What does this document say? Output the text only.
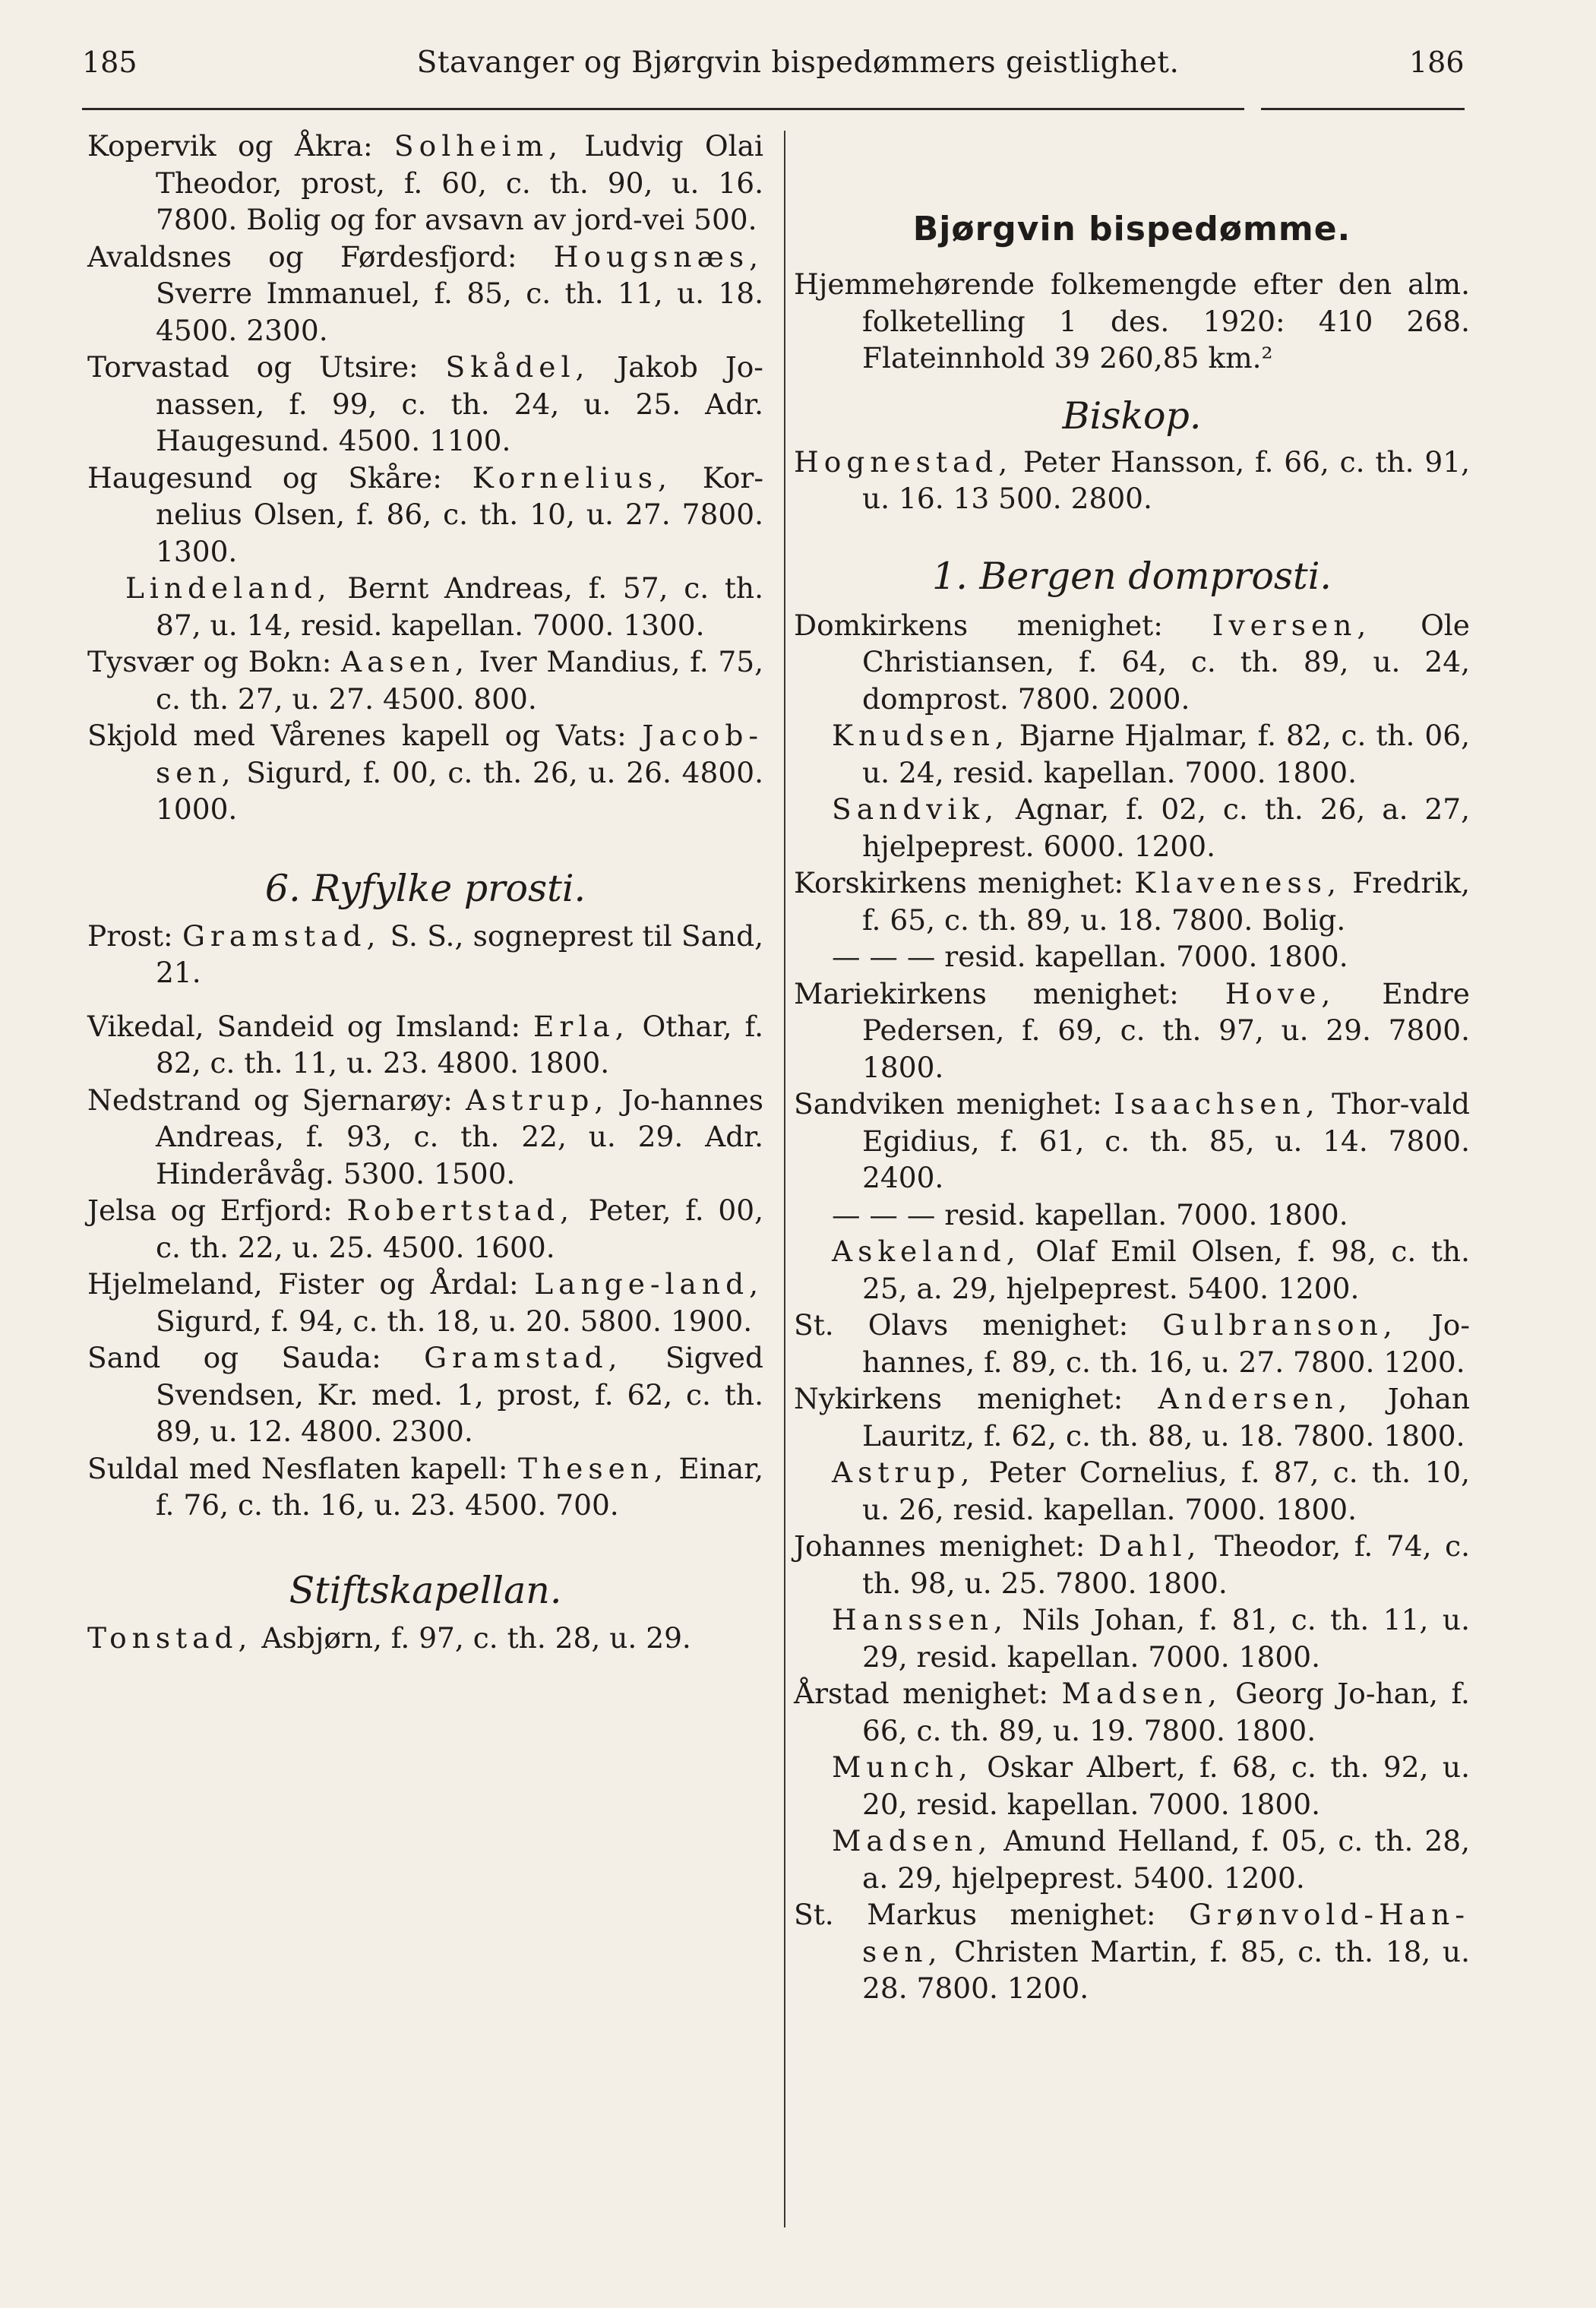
185	Stavanger og Bjørgvin bispedømmers geistlighet.	186

Kopervik og Åkra: Solheim, Ludvig Olai Theodor, prost, f. 60, c. th. 90, u. 16. 7800. Bolig og for avsavn av jord-vei 500.

Avaldsnes og Førdesfjord: Hougsnæs, Sverre Immanuel, f. 85, c. th. 11, u. 18. 4500. 2300.

Torvastad og Utsire: Skådel, Jakob Jo-nassen, f. 99, c. th. 24, u. 25. Adr. Haugesund. 4500. 1100.

Haugesund og Skåre: Kornelius, Kor-nelius Olsen, f. 86, c. th. 10, u. 27. 7800. 1300.

Lindeland, Bernt Andreas, f. 57, c. th. 87, u. 14, resid. kapellan. 7000. 1300.

Tysvær og Bokn: Aasen, Iver Mandius, f. 75, c. th. 27, u. 27. 4500. 800.

Skjold med Vårenes kapell og Vats: Jacob-sen, Sigurd, f. 00, c. th. 26, u. 26. 4800. 1000.

6. Ryfylke prosti.

Prost: Gramstad, S. S., sogneprest til Sand, 21.

Vikedal, Sandeid og Imsland: Erla, Othar, f. 82, c. th. 11, u. 23. 4800. 1800.

Nedstrand og Sjernarøy: Astrup, Jo-hannes Andreas, f. 93, c. th. 22, u. 29. Adr. Hinderåvåg. 5300. 1500.

Jelsa og Erfjord: Robertstad, Peter, f. 00, c. th. 22, u. 25. 4500. 1600.

Hjelmeland, Fister og Årdal: Lange-land, Sigurd, f. 94, c. th. 18, u. 20. 5800. 1900.

Sand og Sauda: Gramstad, Sigved Svendsen, Kr. med. 1, prost, f. 62, c. th. 89, u. 12. 4800. 2300.

Suldal med Nesflaten kapell: Thesen, Einar, f. 76, c. th. 16, u. 23. 4500. 700.

Stiftskapellan.

Tonstad, Asbjørn, f. 97, c. th. 28, u. 29.

Bjørgvin bispedømme.

Hjemmehørende folkemengde efter den alm. folketelling 1 des. 1920: 410 268. Flateinnhold 39 260,85 km.²

Biskop.

Hognestad, Peter Hansson, f. 66, c. th. 91, u. 16. 13 500. 2800.

1. Bergen domprosti.

Domkirkens menighet: Iversen, Ole Christiansen, f. 64, c. th. 89, u. 24, domprost. 7800. 2000.

Knudsen, Bjarne Hjalmar, f. 82, c. th. 06, u. 24, resid. kapellan. 7000. 1800.

Sandvik, Agnar, f. 02, c. th. 26, a. 27, hjelpeprest. 6000. 1200.

Korskirkens menighet: Klaveness, Fredrik, f. 65, c. th. 89, u. 18. 7800. Bolig.

— — — resid. kapellan. 7000. 1800.

Mariekirkens menighet: Hove, Endre Pedersen, f. 69, c. th. 97, u. 29. 7800. 1800.

Sandviken menighet: Isaachsen, Thor-vald Egidius, f. 61, c. th. 85, u. 14. 7800. 2400.

— — — resid. kapellan. 7000. 1800.

Askeland, Olaf Emil Olsen, f. 98, c. th. 25, a. 29, hjelpeprest. 5400. 1200.

St. Olavs menighet: Gulbranson, Jo-hannes, f. 89, c. th. 16, u. 27. 7800. 1200.

Nykirkens menighet: Andersen, Johan Lauritz, f. 62, c. th. 88, u. 18. 7800. 1800.

Astrup, Peter Cornelius, f. 87, c. th. 10, u. 26, resid. kapellan. 7000. 1800.

Johannes menighet: Dahl, Theodor, f. 74, c. th. 98, u. 25. 7800. 1800.

Hanssen, Nils Johan, f. 81, c. th. 11, u. 29, resid. kapellan. 7000. 1800.

Årstad menighet: Madsen, Georg Jo-han, f. 66, c. th. 89, u. 19. 7800. 1800.

Munch, Oskar Albert, f. 68, c. th. 92, u. 20, resid. kapellan. 7000. 1800.

Madsen, Amund Helland, f. 05, c. th. 28, a. 29, hjelpeprest. 5400. 1200.

St. Markus menighet: Grønvold-Han-sen, Christen Martin, f. 85, c. th. 18, u. 28. 7800. 1200.
